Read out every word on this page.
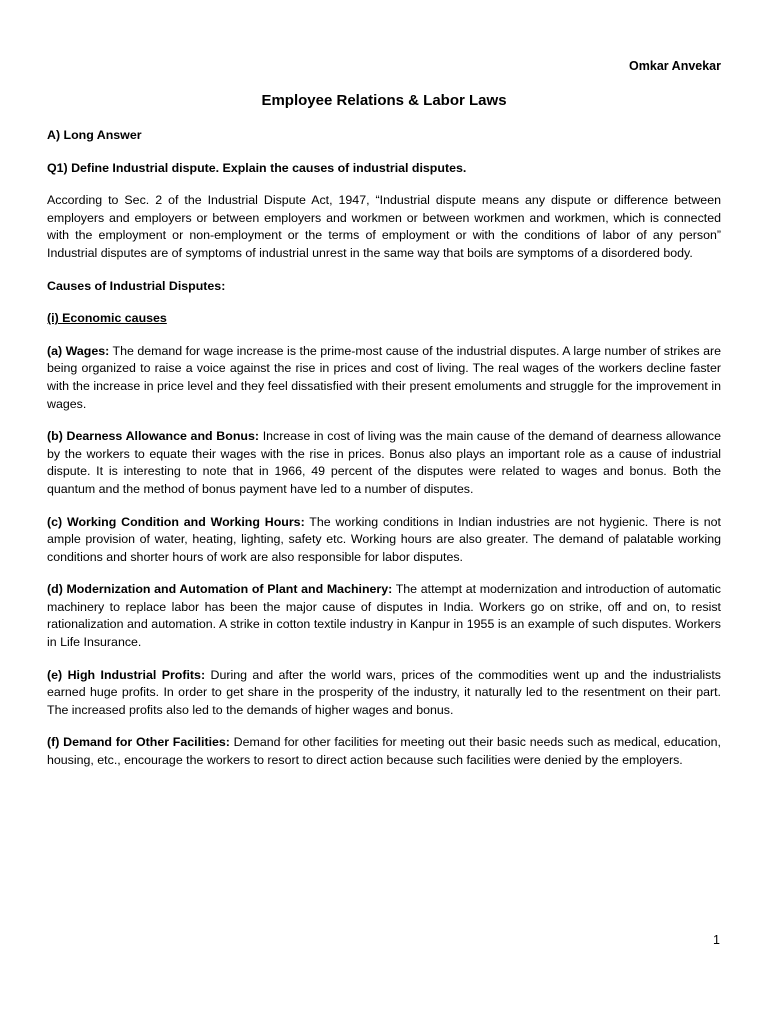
Omkar Anvekar
Employee Relations & Labor Laws

A) Long Answer

Q1) Define Industrial dispute. Explain the causes of industrial disputes.

According to Sec. 2 of the Industrial Dispute Act, 1947, “Industrial dispute means any dispute or difference between employers and employers or between employers and workmen or between workmen and workmen, which is connected with the employment or non-employment or the terms of employment or with the conditions of labor of any person” Industrial disputes are of symptoms of industrial unrest in the same way that boils are symptoms of a disordered body.

Causes of Industrial Disputes:

(i) Economic causes

(a) Wages: The demand for wage increase is the prime-most cause of the industrial disputes. A large number of strikes are being organized to raise a voice against the rise in prices and cost of living. The real wages of the workers decline faster with the increase in price level and they feel dissatisfied with their present emoluments and struggle for the improvement in wages.

(b) Dearness Allowance and Bonus: Increase in cost of living was the main cause of the demand of dearness allowance by the workers to equate their wages with the rise in prices. Bonus also plays an important role as a cause of industrial dispute. It is interesting to note that in 1966, 49 percent of the disputes were related to wages and bonus. Both the quantum and the method of bonus payment have led to a number of disputes.

(c) Working Condition and Working Hours: The working conditions in Indian industries are not hygienic. There is not ample provision of water, heating, lighting, safety etc. Working hours are also greater. The demand of palatable working conditions and shorter hours of work are also responsible for labor disputes.

(d) Modernization and Automation of Plant and Machinery: The attempt at modernization and introduction of automatic machinery to replace labor has been the major cause of disputes in India. Workers go on strike, off and on, to resist rationalization and automation. A strike in cotton textile industry in Kanpur in 1955 is an example of such disputes. Workers in Life Insurance.

(e) High Industrial Profits: During and after the world wars, prices of the commodities went up and the industrialists earned huge profits. In order to get share in the prosperity of the industry, it naturally led to the resentment on their part. The increased profits also led to the demands of higher wages and bonus.

(f) Demand for Other Facilities: Demand for other facilities for meeting out their basic needs such as medical, education, housing, etc., encourage the workers to resort to direct action because such facilities were denied by the employers.

1
